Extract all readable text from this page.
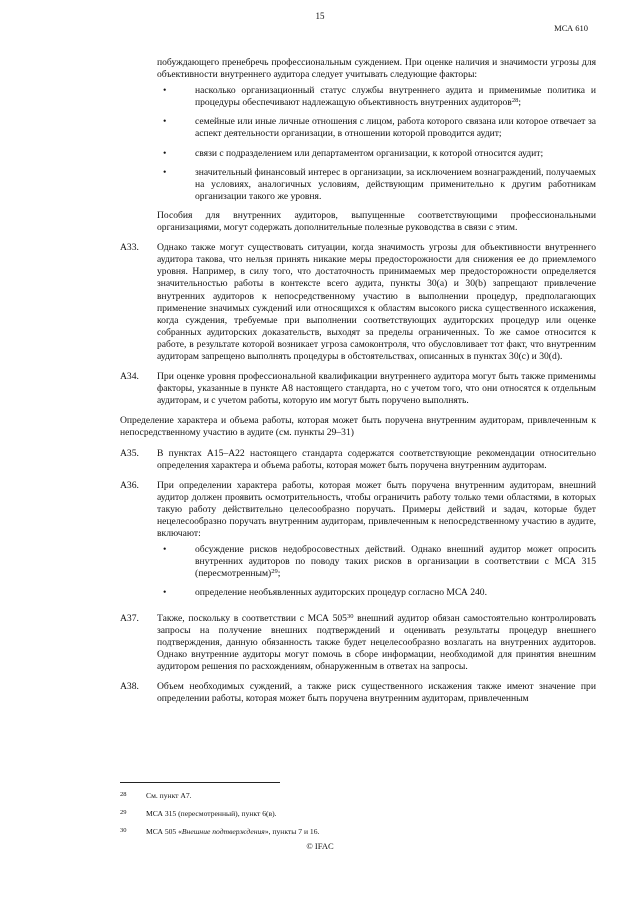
15
МСА 610

побуждающего пренебречь профессиональным суждением. При оценке наличия и значимости угрозы для объективности внутреннего аудитора следует учитывать следующие факторы:

•	насколько организационный статус службы внутреннего аудита и применимые политика и процедуры обеспечивают надлежащую объективность внутренних аудиторов$^{28}$;
•	семейные или иные личные отношения с лицом, работа которого связана или которое отвечает за аспект деятельности организации, в отношении которой проводится аудит;
•	связи с подразделением или департаментом организации, к которой относится аудит;
•	значительный финансовый интерес в организации, за исключением вознаграждений, получаемых на условиях, аналогичных условиям, действующим применительно к другим работникам организации такого же уровня.

Пособия для внутренних аудиторов, выпущенные соответствующими профессиональными организациями, могут содержать дополнительные полезные руководства в связи с этим.

A33. Однако также могут существовать ситуации, когда значимость угрозы для объективности внутреннего аудитора такова, что нельзя принять никакие меры предосторожности для снижения ее до приемлемого уровня. Например, в силу того, что достаточность принимаемых мер предосторожности определяется значительностью работы в контексте всего аудита, пункты 30(a) и 30(b) запрещают привлечение внутренних аудиторов к непосредственному участию в выполнении процедур, предполагающих применение значимых суждений или относящихся к областям высокого риска существенного искажения, когда суждения, требуемые при выполнении соответствующих аудиторских процедур или оценке собранных аудиторских доказательств, выходят за пределы ограниченных. То же самое относится к работе, в результате которой возникает угроза самоконтроля, что обусловливает тот факт, что внутренним аудиторам запрещено выполнять процедуры в обстоятельствах, описанных в пунктах 30(c) и 30(d).

A34. При оценке уровня профессиональной квалификации внутреннего аудитора могут быть также применимы факторы, указанные в пункте A8 настоящего стандарта, но с учетом того, что они относятся к отдельным аудиторам, и с учетом работы, которую им могут быть поручено выполнять.

Определение характера и объема работы, которая может быть поручена внутренним аудиторам, привлеченным к непосредственному участию в аудите (см. пункты 29–31)

A35. В пунктах A15–A22 настоящего стандарта содержатся соответствующие рекомендации относительно определения характера и объема работы, которая может быть поручена внутренним аудиторам.

A36. При определении характера работы, которая может быть поручена внутренним аудиторам, внешний аудитор должен проявить осмотрительность, чтобы ограничить работу только теми областями, в которых такую работу действительно целесообразно поручать. Примеры действий и задач, которые будет нецелесообразно поручать внутренним аудиторам, привлеченным к непосредственному участию в аудите, включают:

•	обсуждение рисков недобросовестных действий. Однако внешний аудитор может опросить внутренних аудиторов по поводу таких рисков в организации в соответствии с МСА 315 (пересмотренным)$^{29}$;
•	определение необъявленных аудиторских процедур согласно МСА 240.
A37. Также, поскольку в соответствии с МСА $505^{30}$ внешний аудитор обязан самостоятельно контролировать запросы на получение внешних подтверждений и оценивать результаты процедур внешнего подтверждения, данную обязанность также будет нецелесообразно возлагать на внутренних аудиторов. Однако внутренние аудиторы могут помочь в сборе информации, необходимой для принятия внешним аудитором решения по расхождениям, обнаруженным в ответах на запросы.

A38. Объем необходимых суждений, а также риск существенного искажения также имеют значение при определении работы, которая может быть поручена внутренним аудиторам, привлеченным

28	См. пункт A7.
29	МСА 315 (пересмотренный), пункт 6(в).
30	МСА 505 «Внешние подтверждения», пункты 7 и 16.
© IFAC
